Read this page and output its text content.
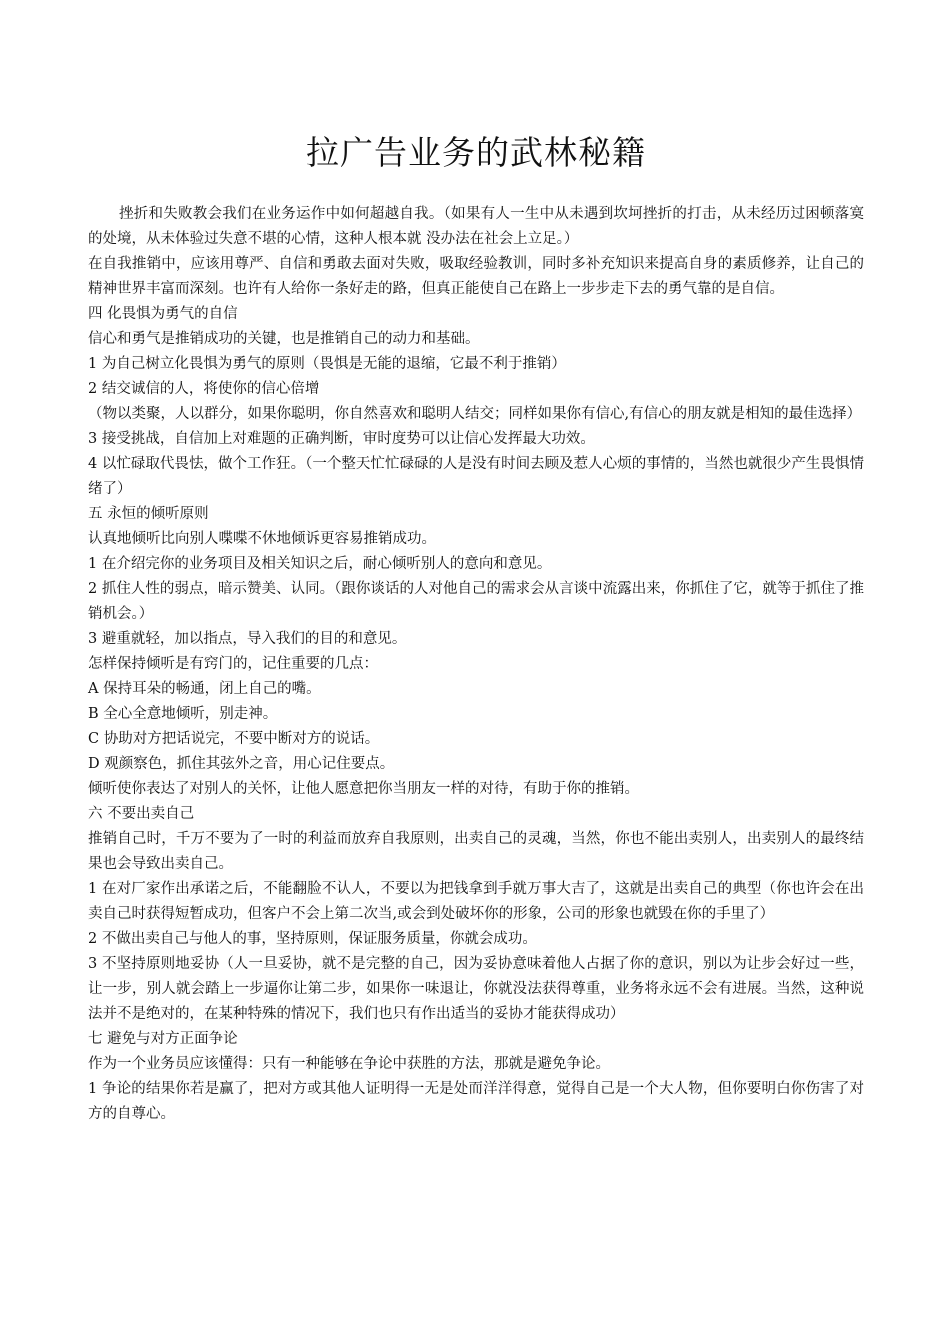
拉广告业务的武林秘籍

挫折和失败教会我们在业务运作中如何超越自我。（如果有人一生中从未遇到坎坷挫折的打击，从未经历过困顿落寞的处境，从未体验过失意不堪的心情，这种人根本就 没办法在社会上立足。）

在自我推销中，应该用尊严、自信和勇敢去面对失败，吸取经验教训，同时多补充知识来提高自身的素质修养，让自己的精神世界丰富而深刻。也许有人给你一条好走的路，但真正能使自己在路上一步步走下去的勇气靠的是自信。

四 化畏惧为勇气的自信

信心和勇气是推销成功的关键，也是推销自己的动力和基础。

1 为自己树立化畏惧为勇气的原则（畏惧是无能的退缩，它最不利于推销）

2 结交诚信的人，将使你的信心倍增

（物以类聚，人以群分，如果你聪明，你自然喜欢和聪明人结交；同样如果你有信心,有信心的朋友就是相知的最佳选择）

3 接受挑战，自信加上对难题的正确判断，审时度势可以让信心发挥最大功效。

4 以忙碌取代畏怯，做个工作狂。（一个整天忙忙碌碌的人是没有时间去顾及惹人心烦的事情的，当然也就很少产生畏惧情绪了）

五 永恒的倾听原则

认真地倾听比向别人喋喋不休地倾诉更容易推销成功。

1 在介绍完你的业务项目及相关知识之后，耐心倾听别人的意向和意见。

2 抓住人性的弱点，暗示赞美、认同。（跟你谈话的人对他自己的需求会从言谈中流露出来，你抓住了它，就等于抓住了推销机会。）

3 避重就轻，加以指点，导入我们的目的和意见。

怎样保持倾听是有窍门的，记住重要的几点：

A 保持耳朵的畅通，闭上自己的嘴。

B 全心全意地倾听，别走神。

C 协助对方把话说完，不要中断对方的说话。

D 观颜察色，抓住其弦外之音，用心记住要点。

倾听使你表达了对别人的关怀，让他人愿意把你当朋友一样的对待，有助于你的推销。

六 不要出卖自己

推销自己时，千万不要为了一时的利益而放弃自我原则，出卖自己的灵魂，当然，你也不能出卖别人，出卖别人的最终结果也会导致出卖自己。

1 在对厂家作出承诺之后，不能翻脸不认人，不要以为把钱拿到手就万事大吉了，这就是出卖自己的典型（你也许会在出卖自己时获得短暂成功，但客户不会上第二次当,或会到处破坏你的形象，公司的形象也就毁在你的手里了）

2 不做出卖自己与他人的事，坚持原则，保证服务质量，你就会成功。

3 不坚持原则地妥协（人一旦妥协，就不是完整的自己，因为妥协意味着他人占据了你的意识，别以为让步会好过一些，让一步，别人就会踏上一步逼你让第二步，如果你一味退让，你就没法获得尊重，业务将永远不会有进展。当然，这种说法并不是绝对的，在某种特殊的情况下，我们也只有作出适当的妥协才能获得成功）

七 避免与对方正面争论

作为一个业务员应该懂得：只有一种能够在争论中获胜的方法，那就是避免争论。

1 争论的结果你若是赢了，把对方或其他人证明得一无是处而洋洋得意，觉得自己是一个大人物，但你要明白你伤害了对方的自尊心。
